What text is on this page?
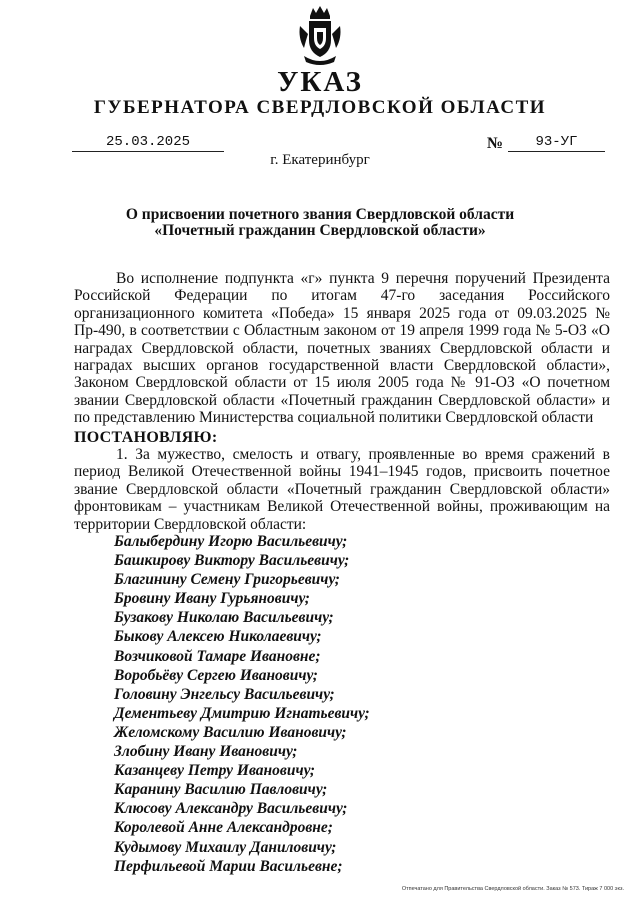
УКАЗ
ГУБЕРНАТОРА СВЕРДЛОВСКОЙ ОБЛАСТИ
25.03.2025	№	93-УГ
г. Екатеринбург
О присвоении почетного звания Свердловской области
«Почетный гражданин Свердловской области»

Во исполнение подпункта «г» пункта 9 перечня поручений Президента Российской Федерации по итогам 47-го заседания Российского организационного комитета «Победа» 15 января 2025 года от 09.03.2025 № Пр-490, в соответствии с Областным законом от 19 апреля 1999 года № 5-ОЗ «О наградах Свердловской области, почетных званиях Свердловской области и наградах высших органов государственной власти Свердловской области», Законом Свердловской области от 15 июля 2005 года № 91-ОЗ «О почетном звании Свердловской области «Почетный гражданин Свердловской области» и по представлению Министерства социальной политики Свердловской области

ПОСТАНОВЛЯЮ:

1. За мужество, смелость и отвагу, проявленные во время сражений в период Великой Отечественной войны 1941–1945 годов, присвоить почетное звание Свердловской области «Почетный гражданин Свердловской области» фронтовикам – участникам Великой Отечественной войны, проживающим на территории Свердловской области:

Балыбердину Игорю Васильевичу;
Башкирову Виктору Васильевичу;
Благинину Семену Григорьевичу;
Бровину Ивану Гурьяновичу;
Бузакову Николаю Васильевичу;
Быкову Алексею Николаевичу;
Возчиковой Тамаре Ивановне;
Воробьёву Сергею Ивановичу;
Головину Энгельсу Васильевичу;
Дементьеву Дмитрию Игнатьевичу;
Желомскому Василию Ивановичу;
Злобину Ивану Ивановичу;
Казанцеву Петру Ивановичу;
Каранину Василию Павловичу;
Клюсову Александру Васильевичу;
Королевой Анне Александровне;
Кудымову Михаилу Даниловичу;
Перфильевой Марии Васильевне;
Отпечатано для Правительства Свердловской области. Заказ № 573. Тираж 7 000 экз.
